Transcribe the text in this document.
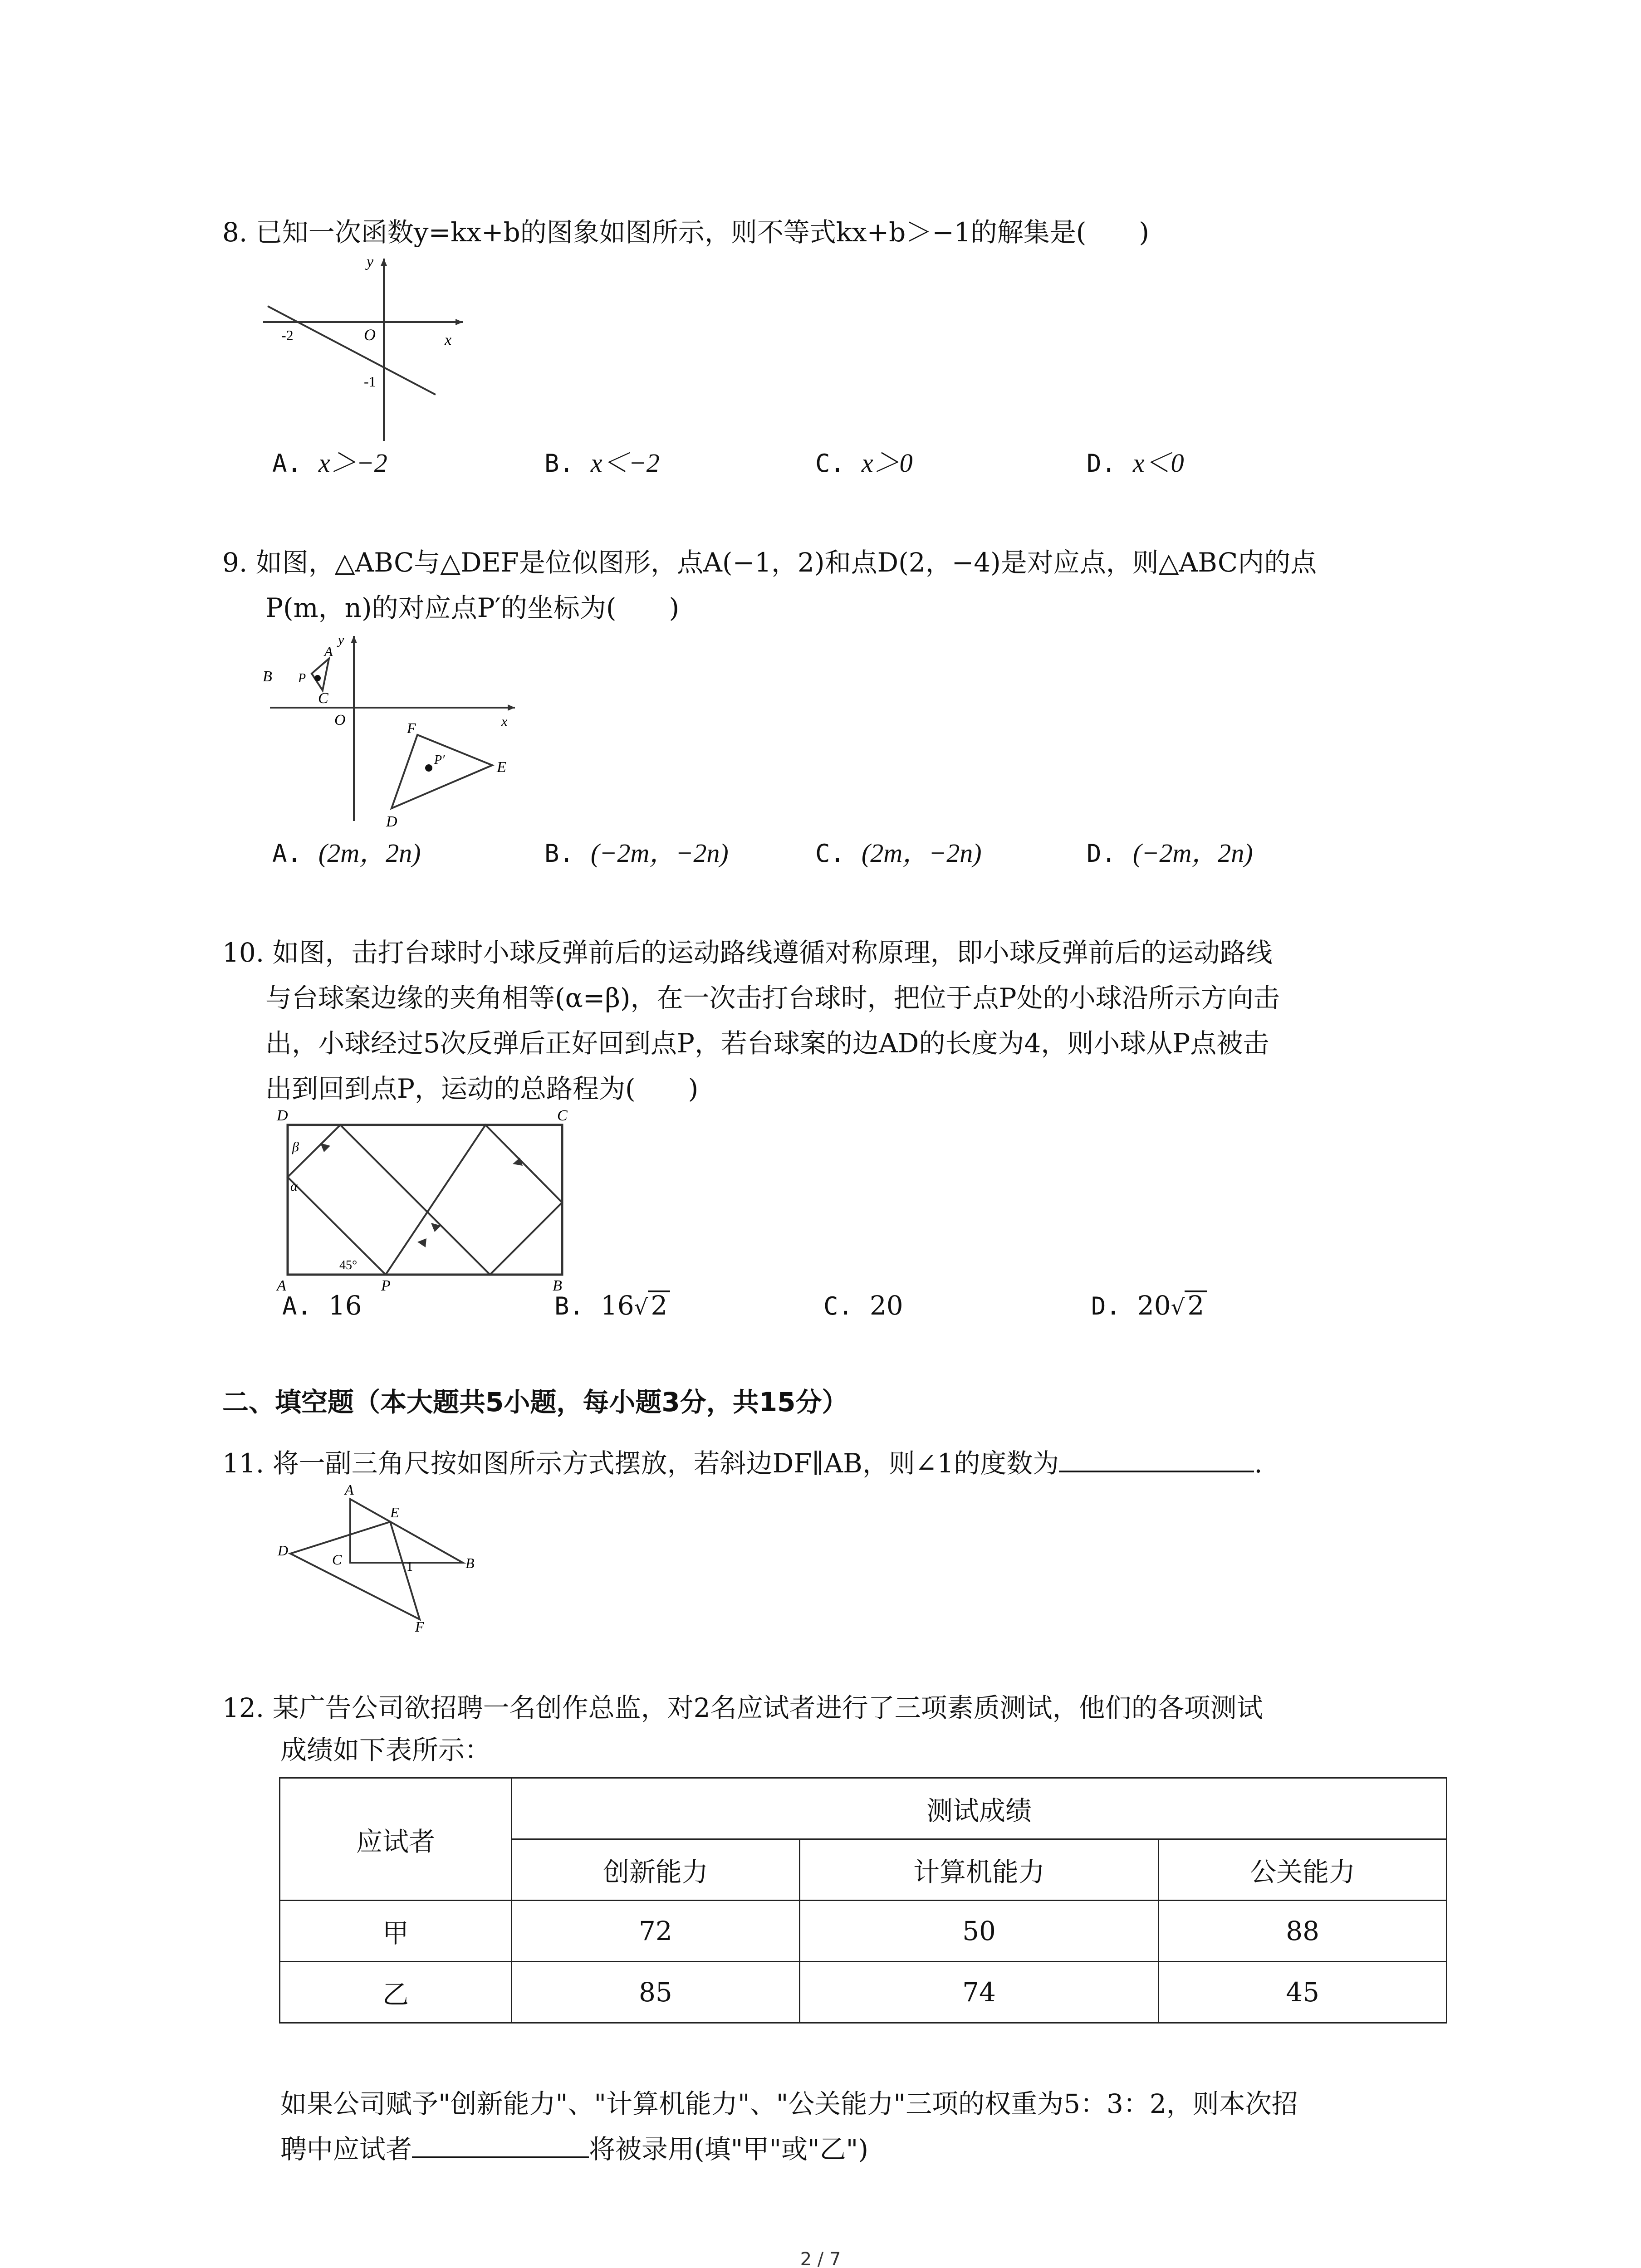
8. 已知一次函数y=kx+b的图象如图所示，则不等式kx+b＞−1的解集是(　　)
y
x
O
-2
-1
A. x＞−2	B. x＜−2	C. x＞0	D. x＜0
9. 如图，△ABC与△DEF是位似图形，点A(−1，2)和点D(2，−4)是对应点，则△ABC内的点
P(m，n)的对应点P′的坐标为(　　)
y
x
O
A
B
C
P
F
E
D
P′
A. (2m，2n)	B. (−2m，−2n)	C. (2m，−2n)	D. (−2m，2n)
10. 如图，击打台球时小球反弹前后的运动路线遵循对称原理，即小球反弹前后的运动路线
与台球案边缘的夹角相等(α=β)，在一次击打台球时，把位于点P处的小球沿所示方向击
出，小球经过5次反弹后正好回到点P，若台球案的边AD的长度为4，则小球从P点被击
出到回到点P，运动的总路程为(　　)
D	C
A	B
P
β
α
45°
A. 16	B. 16√ 2	C. 20	D. 20√ 2
二、填空题（本大题共5小题，每小题3分，共15分）
11. 将一副三角尺按如图所示方式摆放，若斜边DF∥AB，则∠1的度数为	.
A
E
D
C	B
1
F
12. 某广告公司欲招聘一名创作总监，对2名应试者进行了三项素质测试，他们的各项测试
成绩如下表所示：
应试者	测试成绩		
	创新能力	计算机能力	公关能力
甲	72	50	88
乙	85	74	45
如果公司赋予"创新能力"、"计算机能力"、"公关能力"三项的权重为5：3：2，则本次招
聘中应试者	将被录用(填"甲"或"乙")
2 / 7
